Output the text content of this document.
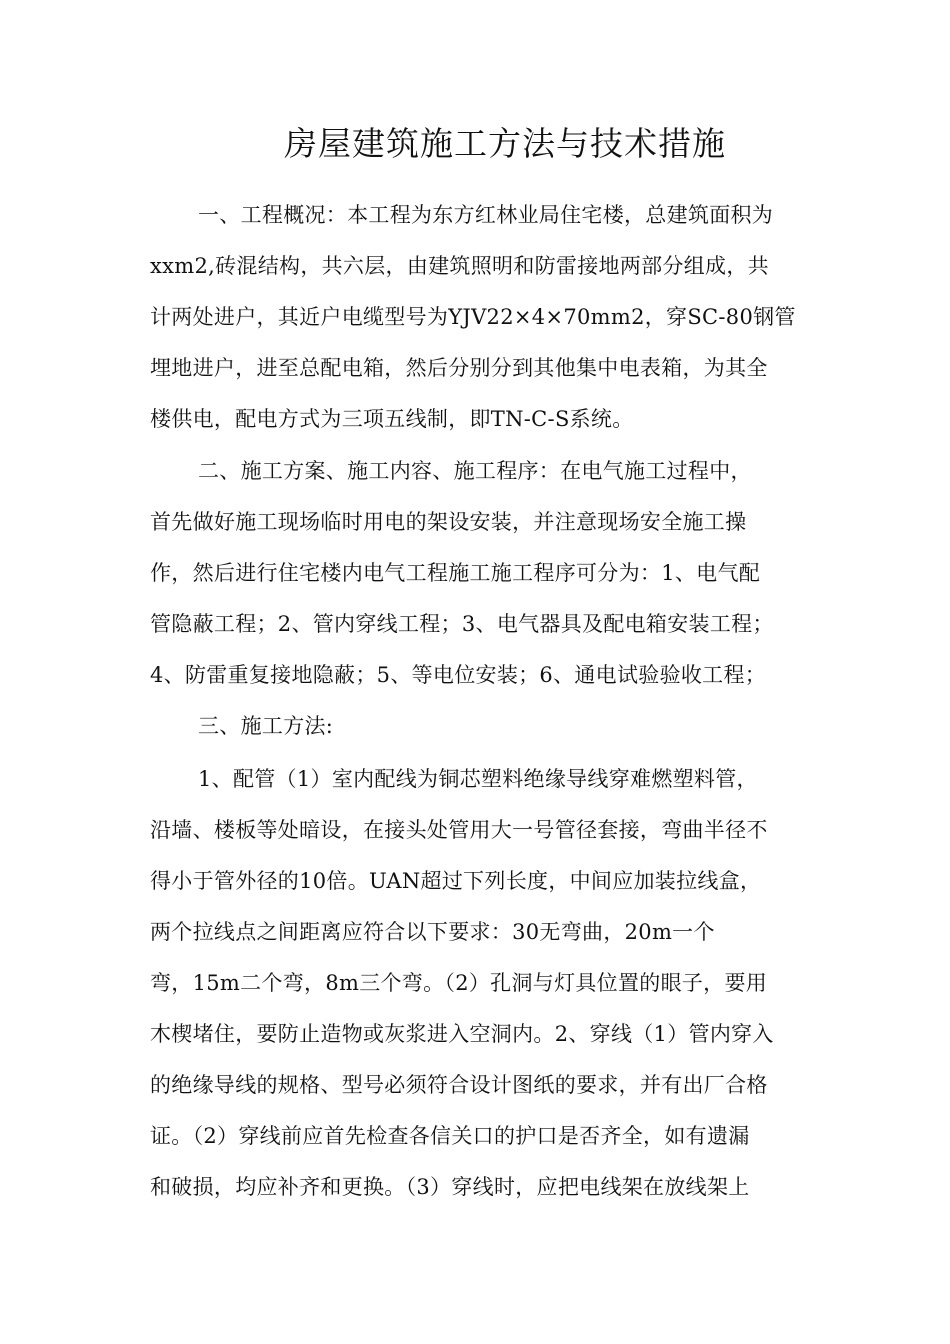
房屋建筑施工方法与技术措施
一、工程概况：本工程为东方红林业局住宅楼，总建筑面积为
xxm2,砖混结构，共六层，由建筑照明和防雷接地两部分组成，共
计两处进户，其近户电缆型号为YJV22×4×70mm2，穿SC-80钢管
埋地进户，进至总配电箱，然后分别分到其他集中电表箱，为其全
楼供电，配电方式为三项五线制，即TN-C-S系统。
二、施工方案、施工内容、施工程序：在电气施工过程中，
首先做好施工现场临时用电的架设安装，并注意现场安全施工操
作，然后进行住宅楼内电气工程施工施工程序可分为：1、电气配
管隐蔽工程；2、管内穿线工程；3、电气器具及配电箱安装工程；
4、防雷重复接地隐蔽；5、等电位安装；6、通电试验验收工程；
三、施工方法:
1、配管（1）室内配线为铜芯塑料绝缘导线穿难燃塑料管，
沿墙、楼板等处暗设，在接头处管用大一号管径套接，弯曲半径不
得小于管外径的10倍。UAN超过下列长度，中间应加装拉线盒，
两个拉线点之间距离应符合以下要求：30无弯曲，20m一个
弯，15m二个弯，8m三个弯。（2）孔洞与灯具位置的眼子，要用
木楔堵住，要防止造物或灰浆进入空洞内。2、穿线（1）管内穿入
的绝缘导线的规格、型号必须符合设计图纸的要求，并有出厂合格
证。（2）穿线前应首先检查各信关口的护口是否齐全，如有遗漏
和破损，均应补齐和更换。（3）穿线时，应把电线架在放线架上
